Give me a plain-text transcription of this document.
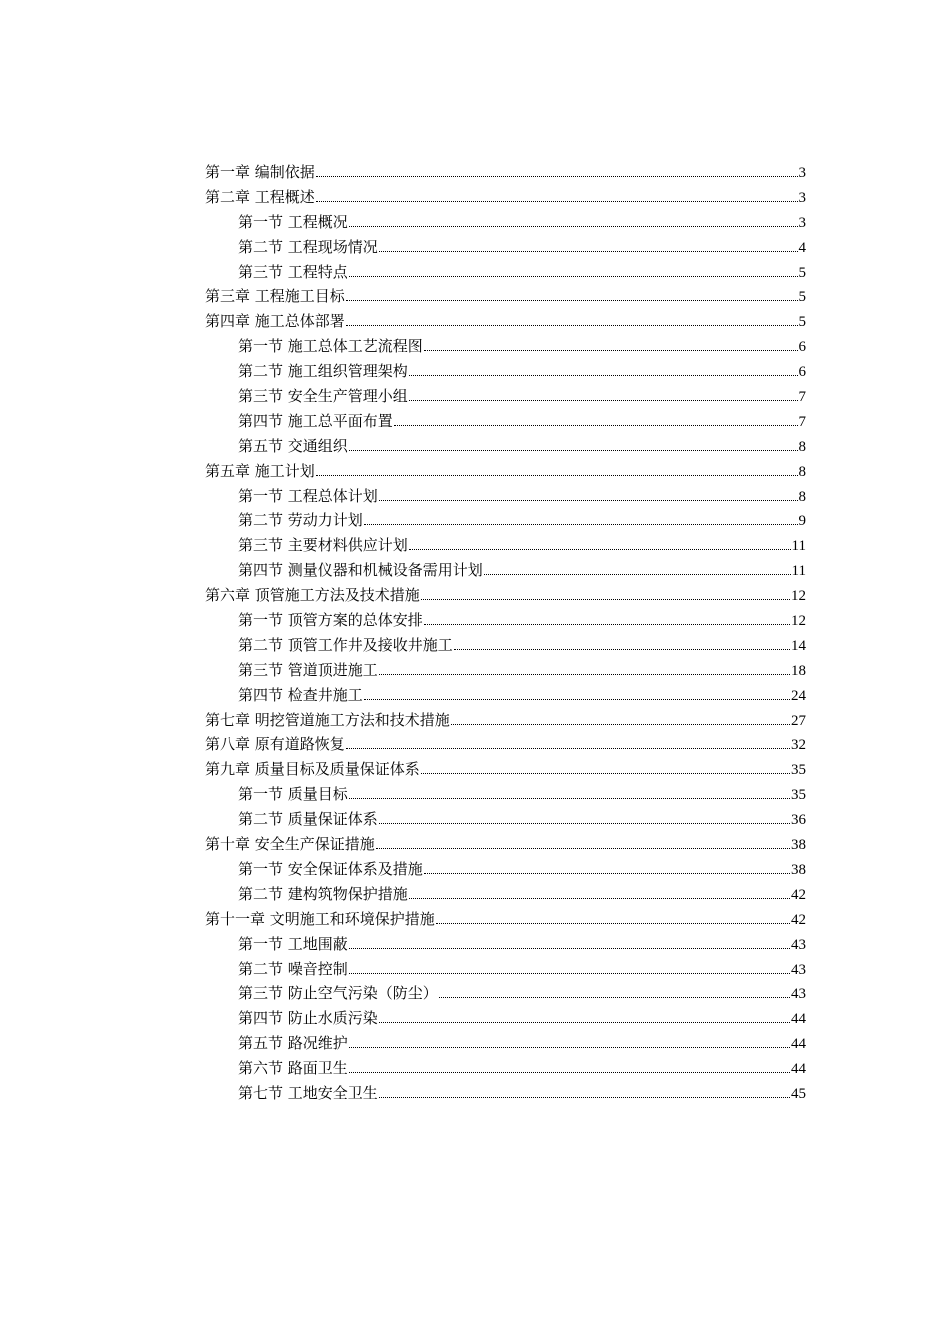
第一章 编制依据	3
第二章 工程概述	3
第一节 工程概况	3
第二节 工程现场情况	4
第三节 工程特点	5
第三章 工程施工目标	5
第四章 施工总体部署	5
第一节 施工总体工艺流程图	6
第二节 施工组织管理架构	6
第三节 安全生产管理小组	7
第四节 施工总平面布置	7
第五节 交通组织	8
第五章 施工计划	8
第一节 工程总体计划	8
第二节 劳动力计划	9
第三节 主要材料供应计划	11
第四节 测量仪器和机械设备需用计划	11
第六章 顶管施工方法及技术措施	12
第一节 顶管方案的总体安排	12
第二节 顶管工作井及接收井施工	14
第三节 管道顶进施工	18
第四节 检查井施工	24
第七章 明挖管道施工方法和技术措施	27
第八章 原有道路恢复	32
第九章 质量目标及质量保证体系	35
第一节 质量目标	35
第二节 质量保证体系	36
第十章 安全生产保证措施	38
第一节 安全保证体系及措施	38
第二节 建构筑物保护措施	42
第十一章 文明施工和环境保护措施	42
第一节 工地围蔽	43
第二节 噪音控制	43
第三节 防止空气污染（防尘）	43
第四节 防止水质污染	44
第五节 路况维护	44
第六节 路面卫生	44
第七节 工地安全卫生	45
